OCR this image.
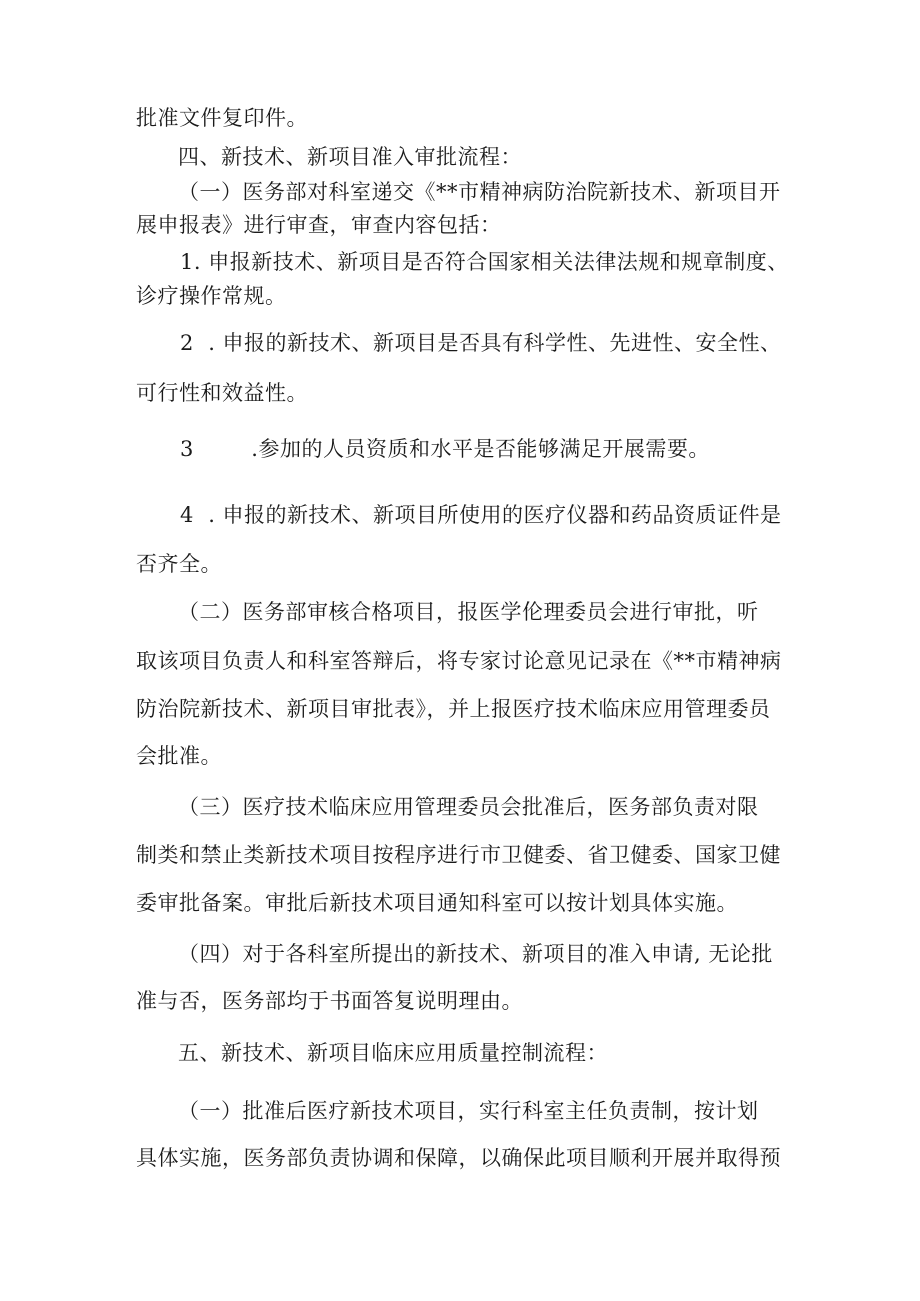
批准文件复印件。
四、新技术、新项目准入审批流程：
（一）医务部对科室递交《**市精神病防治院新技术、新项目开
展申报表》进行审查，审查内容包括：
1. 申报新技术、新项目是否符合国家相关法律法规和规章制度、
诊疗操作常规。
2  . 申报的新技术、新项目是否具有科学性、先进性、安全性、
可行性和效益性。
3        .参加的人员资质和水平是否能够满足开展需要。
4  . 申报的新技术、新项目所使用的医疗仪器和药品资质证件是
否齐全。
（二）医务部审核合格项目，报医学伦理委员会进行审批，听
取该项目负责人和科室答辩后，将专家讨论意见记录在《**市精神病
防治院新技术、新项目审批表》，并上报医疗技术临床应用管理委员
会批准。
（三）医疗技术临床应用管理委员会批准后，医务部负责对限
制类和禁止类新技术项目按程序进行市卫健委、省卫健委、国家卫健
委审批备案。审批后新技术项目通知科室可以按计划具体实施。
（四）对于各科室所提出的新技术、新项目的准入申请, 无论批
准与否，医务部均于书面答复说明理由。
五、新技术、新项目临床应用质量控制流程：
（一）批准后医疗新技术项目，实行科室主任负责制，按计划
具体实施，医务部负责协调和保障，以确保此项目顺利开展并取得预
